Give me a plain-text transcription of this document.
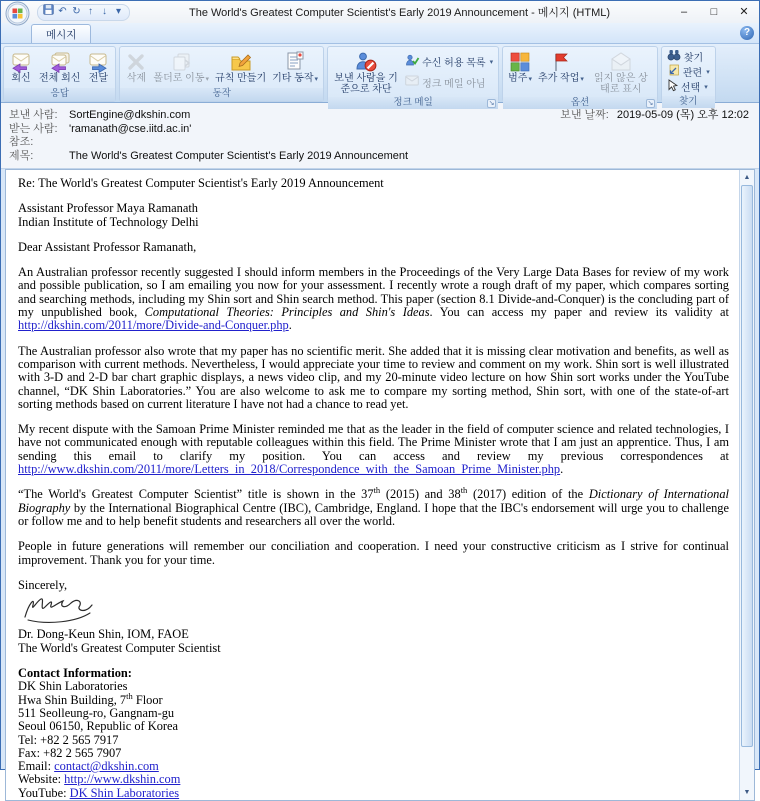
↶ ↻ ↑ ↓ ▾	The World's Greatest Computer Scientist's Early 2019 Announcement - 메시지 (HTML)	–	□	✕
메시지	?
회신 전체 회신 전달
응답
삭제 폴더로 이동▾ 규칙 만들기 기타 동작▾
동작
보낸 사람을 기준으로 차단
수신 허용 목록 ▾
정크 메일 아님
정크 메일	↘
범주▾ 추가 작업▾	읽지 않은 상태로 표시
옵션	↘
찾기
관련 ▾
선택 ▾
찾기
보낸 사람:	SortEngine@dkshin.com	보낸 날짜: 2019-05-09 (목) 오후 12:02
받는 사람:	'ramanath@cse.iitd.ac.in'
참조:
제목:	The World's Greatest Computer Scientist's Early 2019 Announcement
Re: The World's Greatest Computer Scientist's Early 2019 Announcement
Assistant Professor Maya Ramanath
Indian Institute of Technology Delhi
Dear Assistant Professor Ramanath,
An Australian professor recently suggested I should inform members in the Proceedings of the Very Large Data Bases for review of my work and possible publication, so I am emailing you now for your assessment. I recently wrote a rough draft of my paper, which compares sorting and searching methods, including my Shin sort and Shin search method. This paper (section 8.1 Divide-and-Conquer) is the concluding part of my unpublished book, Computational Theories: Principles and Shin's Ideas. You can access my paper and review its validity at http://dkshin.com/2011/more/Divide-and-Conquer.php.
The Australian professor also wrote that my paper has no scientific merit. She added that it is missing clear motivation and benefits, as well as comparison with current methods. Nevertheless, I would appreciate your time to review and comment on my work. Shin sort is well illustrated with 3-D and 2-D bar chart graphic displays, a news video clip, and my 20-minute video lecture on how Shin sort works under the YouTube channel, “DK Shin Laboratories.” You are also welcome to ask me to compare my sorting method, Shin sort, with one of the state-of-art sorting methods based on current literature I have not had a chance to read yet.
My recent dispute with the Samoan Prime Minister reminded me that as the leader in the field of computer science and related technologies, I have not communicated enough with reputable colleagues within this field. The Prime Minister wrote that I am just an apprentice. Thus, I am sending this email to clarify my position. You can access and review my previous correspondences at http://www.dkshin.com/2011/more/Letters_in_2018/Correspondence_with_the_Samoan_Prime_Minister.php.
“The World's Greatest Computer Scientist” title is shown in the 37th (2015) and 38th (2017) edition of the Dictionary of International Biography by the International Biographical Centre (IBC), Cambridge, England. I hope that the IBC's endorsement will urge you to challenge or follow me and to help benefit students and researchers all over the world.
People in future generations will remember our conciliation and cooperation. I need your constructive criticism as I strive for continual improvement. Thank you for your time.
Sincerely,

Dr. Dong-Keun Shin, IOM, FAOE
The World's Greatest Computer Scientist
Contact Information:
DK Shin Laboratories
Hwa Shin Building, 7th Floor
511 Seolleung-ro, Gangnam-gu
Seoul 06150, Republic of Korea
Tel: +82 2 565 7917
Fax: +82 2 565 7907
Email: contact@dkshin.com
Website: http://www.dkshin.com
YouTube: DK Shin Laboratories
▲
▼
